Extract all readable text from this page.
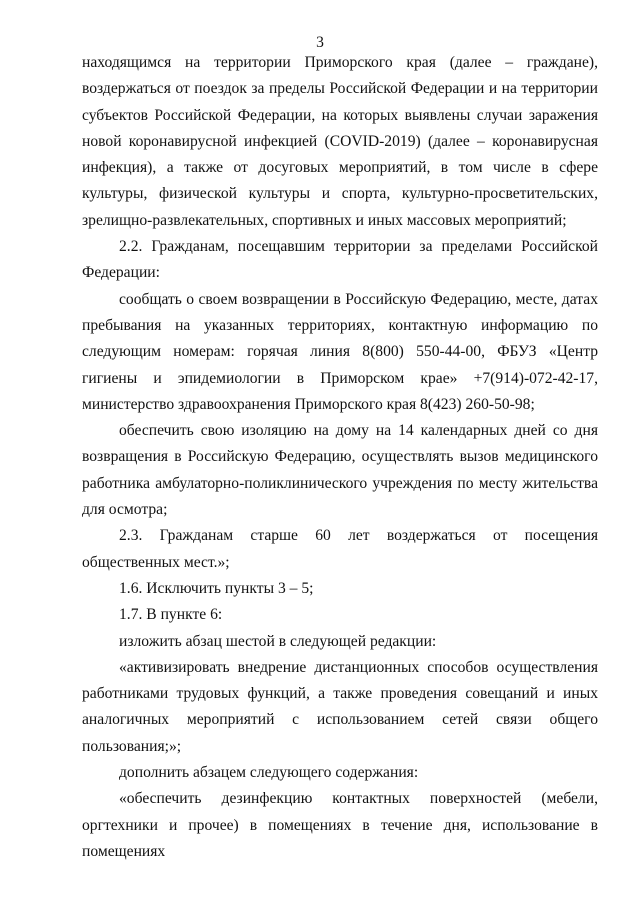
3

находящимся на территории Приморского края (далее – граждане), воздержаться от поездок за пределы Российской Федерации и на территории субъектов Российской Федерации, на которых выявлены случаи заражения новой коронавирусной инфекцией (COVID-2019) (далее – коронавирусная инфекция), а также от досуговых мероприятий, в том числе в сфере культуры, физической культуры и спорта, культурно-просветительских, зрелищно-развлекательных, спортивных и иных массовых мероприятий;

2.2. Гражданам, посещавшим территории за пределами Российской Федерации:

сообщать о своем возвращении в Российскую Федерацию, месте, датах пребывания на указанных территориях, контактную информацию по следующим номерам: горячая линия 8(800) 550-44-00, ФБУЗ «Центр гигиены и эпидемиологии в Приморском крае» +7(914)-072-42-17, министерство здравоохранения Приморского края 8(423) 260-50-98;

обеспечить свою изоляцию на дому на 14 календарных дней со дня возвращения в Российскую Федерацию, осуществлять вызов медицинского работника амбулаторно-поликлинического учреждения по месту жительства для осмотра;

2.3. Гражданам старше 60 лет воздержаться от посещения общественных мест.»;

1.6. Исключить пункты 3 – 5;

1.7. В пункте 6:

изложить абзац шестой в следующей редакции:

«активизировать внедрение дистанционных способов осуществления работниками трудовых функций, а также проведения совещаний и иных аналогичных мероприятий с использованием сетей связи общего пользования;»;

дополнить абзацем следующего содержания:

«обеспечить дезинфекцию контактных поверхностей (мебели, оргтехники и прочее) в помещениях в течение дня, использование в помещениях
